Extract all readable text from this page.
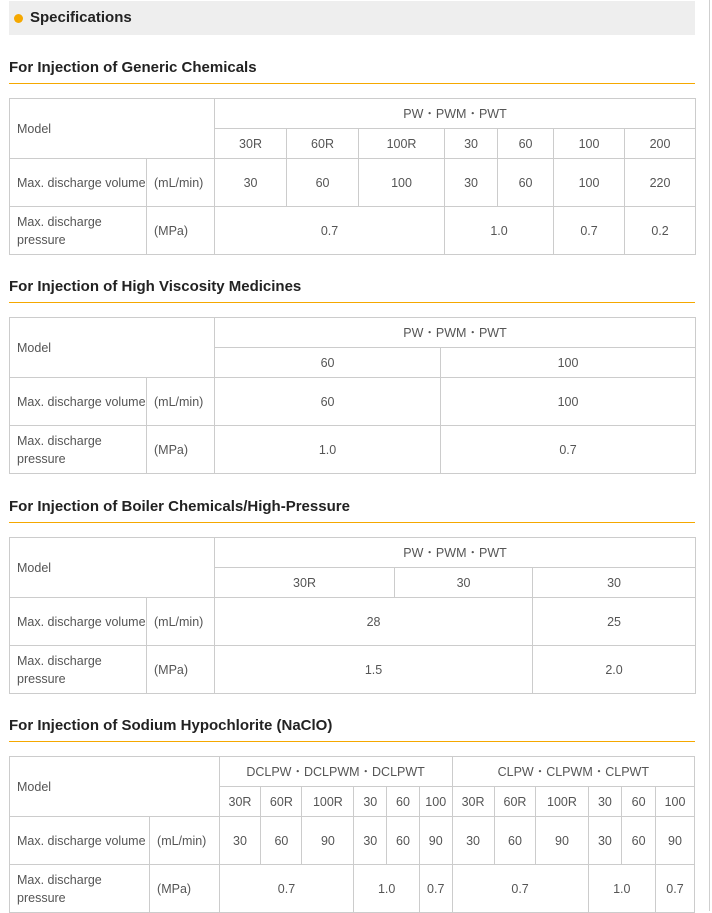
Specifications
For Injection of Generic Chemicals
Model		PW・PWM・PWT						
		30R	60R	100R	30	60	100	200
Max. discharge volume	(mL/min)	30	60	100	30	60	100	220
Max. discharge pressure	(MPa)	0.7			1.0		0.7	0.2
For Injection of High Viscosity Medicines
Model		PW・PWM・PWT	
		60	100
Max. discharge volume	(mL/min)	60	100
Max. discharge pressure	(MPa)	1.0	0.7
For Injection of Boiler Chemicals/High-Pressure
Model		PW・PWM・PWT		
		30R	30	30
Max. discharge volume	(mL/min)	28		25
Max. discharge pressure	(MPa)	1.5		2.0
For Injection of Sodium Hypochlorite (NaClO)
Model		DCLPW・DCLPWM・DCLPWT						CLPW・CLPWM・CLPWT					
		30R	60R	100R	30	60	100	30R	60R	100R	30	60	100
Max. discharge volume	(mL/min)	30	60	90	30	60	90	30	60	90	30	60	90
Max. discharge pressure	(MPa)	0.7			1.0		0.7	0.7			1.0		0.7
